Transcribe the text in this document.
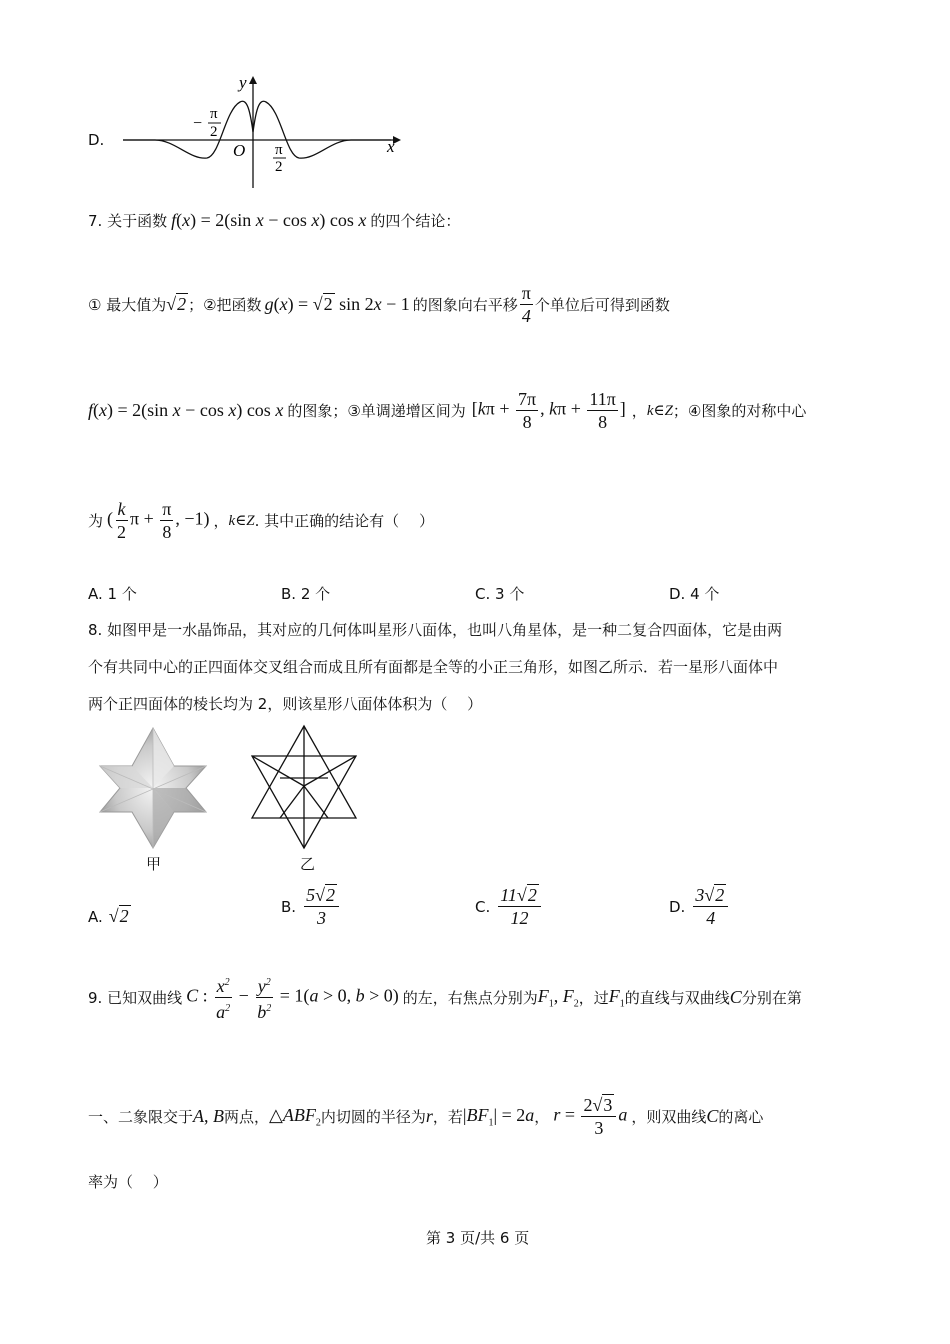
D.
y
x
O
−
π
2
π
2
7. 关于函数 f(x) = 2(sin x − cos x) cos x 的四个结论：
① 最大值为 √2 ；②把函数 g(x) = √2 sin 2x − 1 的图象向右平移 $\frac{\pi}{4}$ 个单位后可得到函数
f(x) = 2(sin x − cos x) cos x 的图象；③单调递增区间为 [$k\pi + \frac{7\pi}{8}$ , $k\pi + \frac{11\pi}{8}$ ] ， k∈Z ；④图象的对称中心
为 ( $\frac{k}{2}$ $\pi + \frac{\pi}{8}$ , −1) ， k∈Z . 其中正确的结论有（　 ）
A. 1 个	B. 2 个	C. 3 个	D. 4 个
8. 如图甲是一水晶饰品，其对应的几何体叫星形八面体，也叫八角星体，是一种二复合四面体，它是由两
个有共同中心的正四面体交叉组合而成且所有面都是全等的小正三角形，如图乙所示．若一星形八面体中
两个正四面体的棱长均为 2，则该星形八面体体积为（　 ）
甲	乙
A. √2	B. $\frac{5√2}{3}$	C. $\frac{11√2}{12}$	D. $\frac{3√2}{4}$
9. 已知双曲线 C : $\frac{x^2}{a^2} - \frac{y^2}{b^2} = 1(a > 0$, b > 0) 的左，右焦点分别为 $F_1$, $F_2$ ，过 $F_1$ 的直线与双曲线 C 分别在第
一、二象限交于 A, B 两点， $\triangle ABF_2$ 内切圆的半径为 r ，若 $|BF_1| = 2a$ ， $r = \frac{2√3}{3}$ a ，则双曲线 C 的离心
率为（　 ）
第 3 页/共 6 页
